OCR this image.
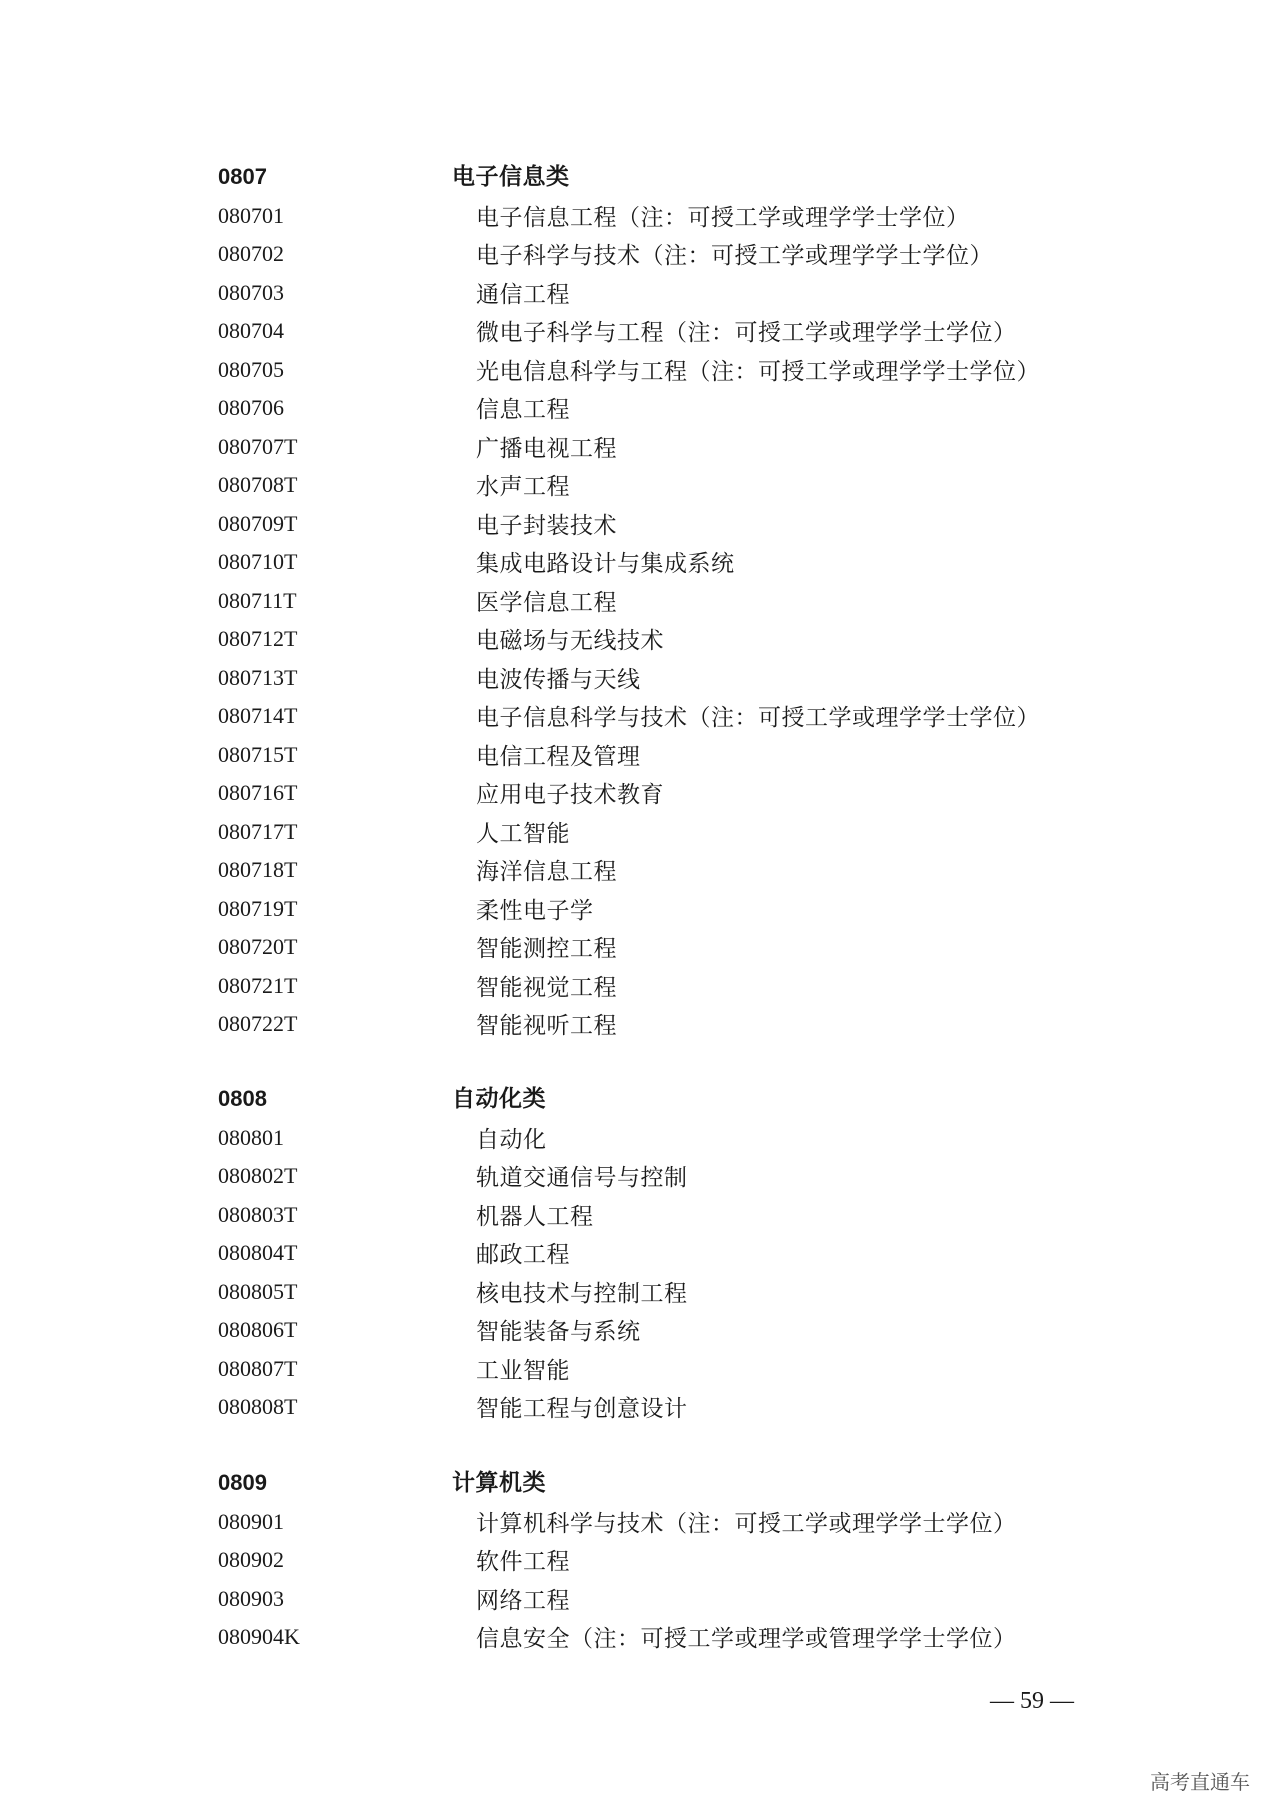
0807	电子信息类
080701	电子信息工程（注：可授工学或理学学士学位）
080702	电子科学与技术（注：可授工学或理学学士学位）
080703	通信工程
080704	微电子科学与工程（注：可授工学或理学学士学位）
080705	光电信息科学与工程（注：可授工学或理学学士学位）
080706	信息工程
080707T	广播电视工程
080708T	水声工程
080709T	电子封装技术
080710T	集成电路设计与集成系统
080711T	医学信息工程
080712T	电磁场与无线技术
080713T	电波传播与天线
080714T	电子信息科学与技术（注：可授工学或理学学士学位）
080715T	电信工程及管理
080716T	应用电子技术教育
080717T	人工智能
080718T	海洋信息工程
080719T	柔性电子学
080720T	智能测控工程
080721T	智能视觉工程
080722T	智能视听工程
0808	自动化类
080801	自动化
080802T	轨道交通信号与控制
080803T	机器人工程
080804T	邮政工程
080805T	核电技术与控制工程
080806T	智能装备与系统
080807T	工业智能
080808T	智能工程与创意设计
0809	计算机类
080901	计算机科学与技术（注：可授工学或理学学士学位）
080902	软件工程
080903	网络工程
080904K	信息安全（注：可授工学或理学或管理学学士学位）
— 59 —
高考直通车
